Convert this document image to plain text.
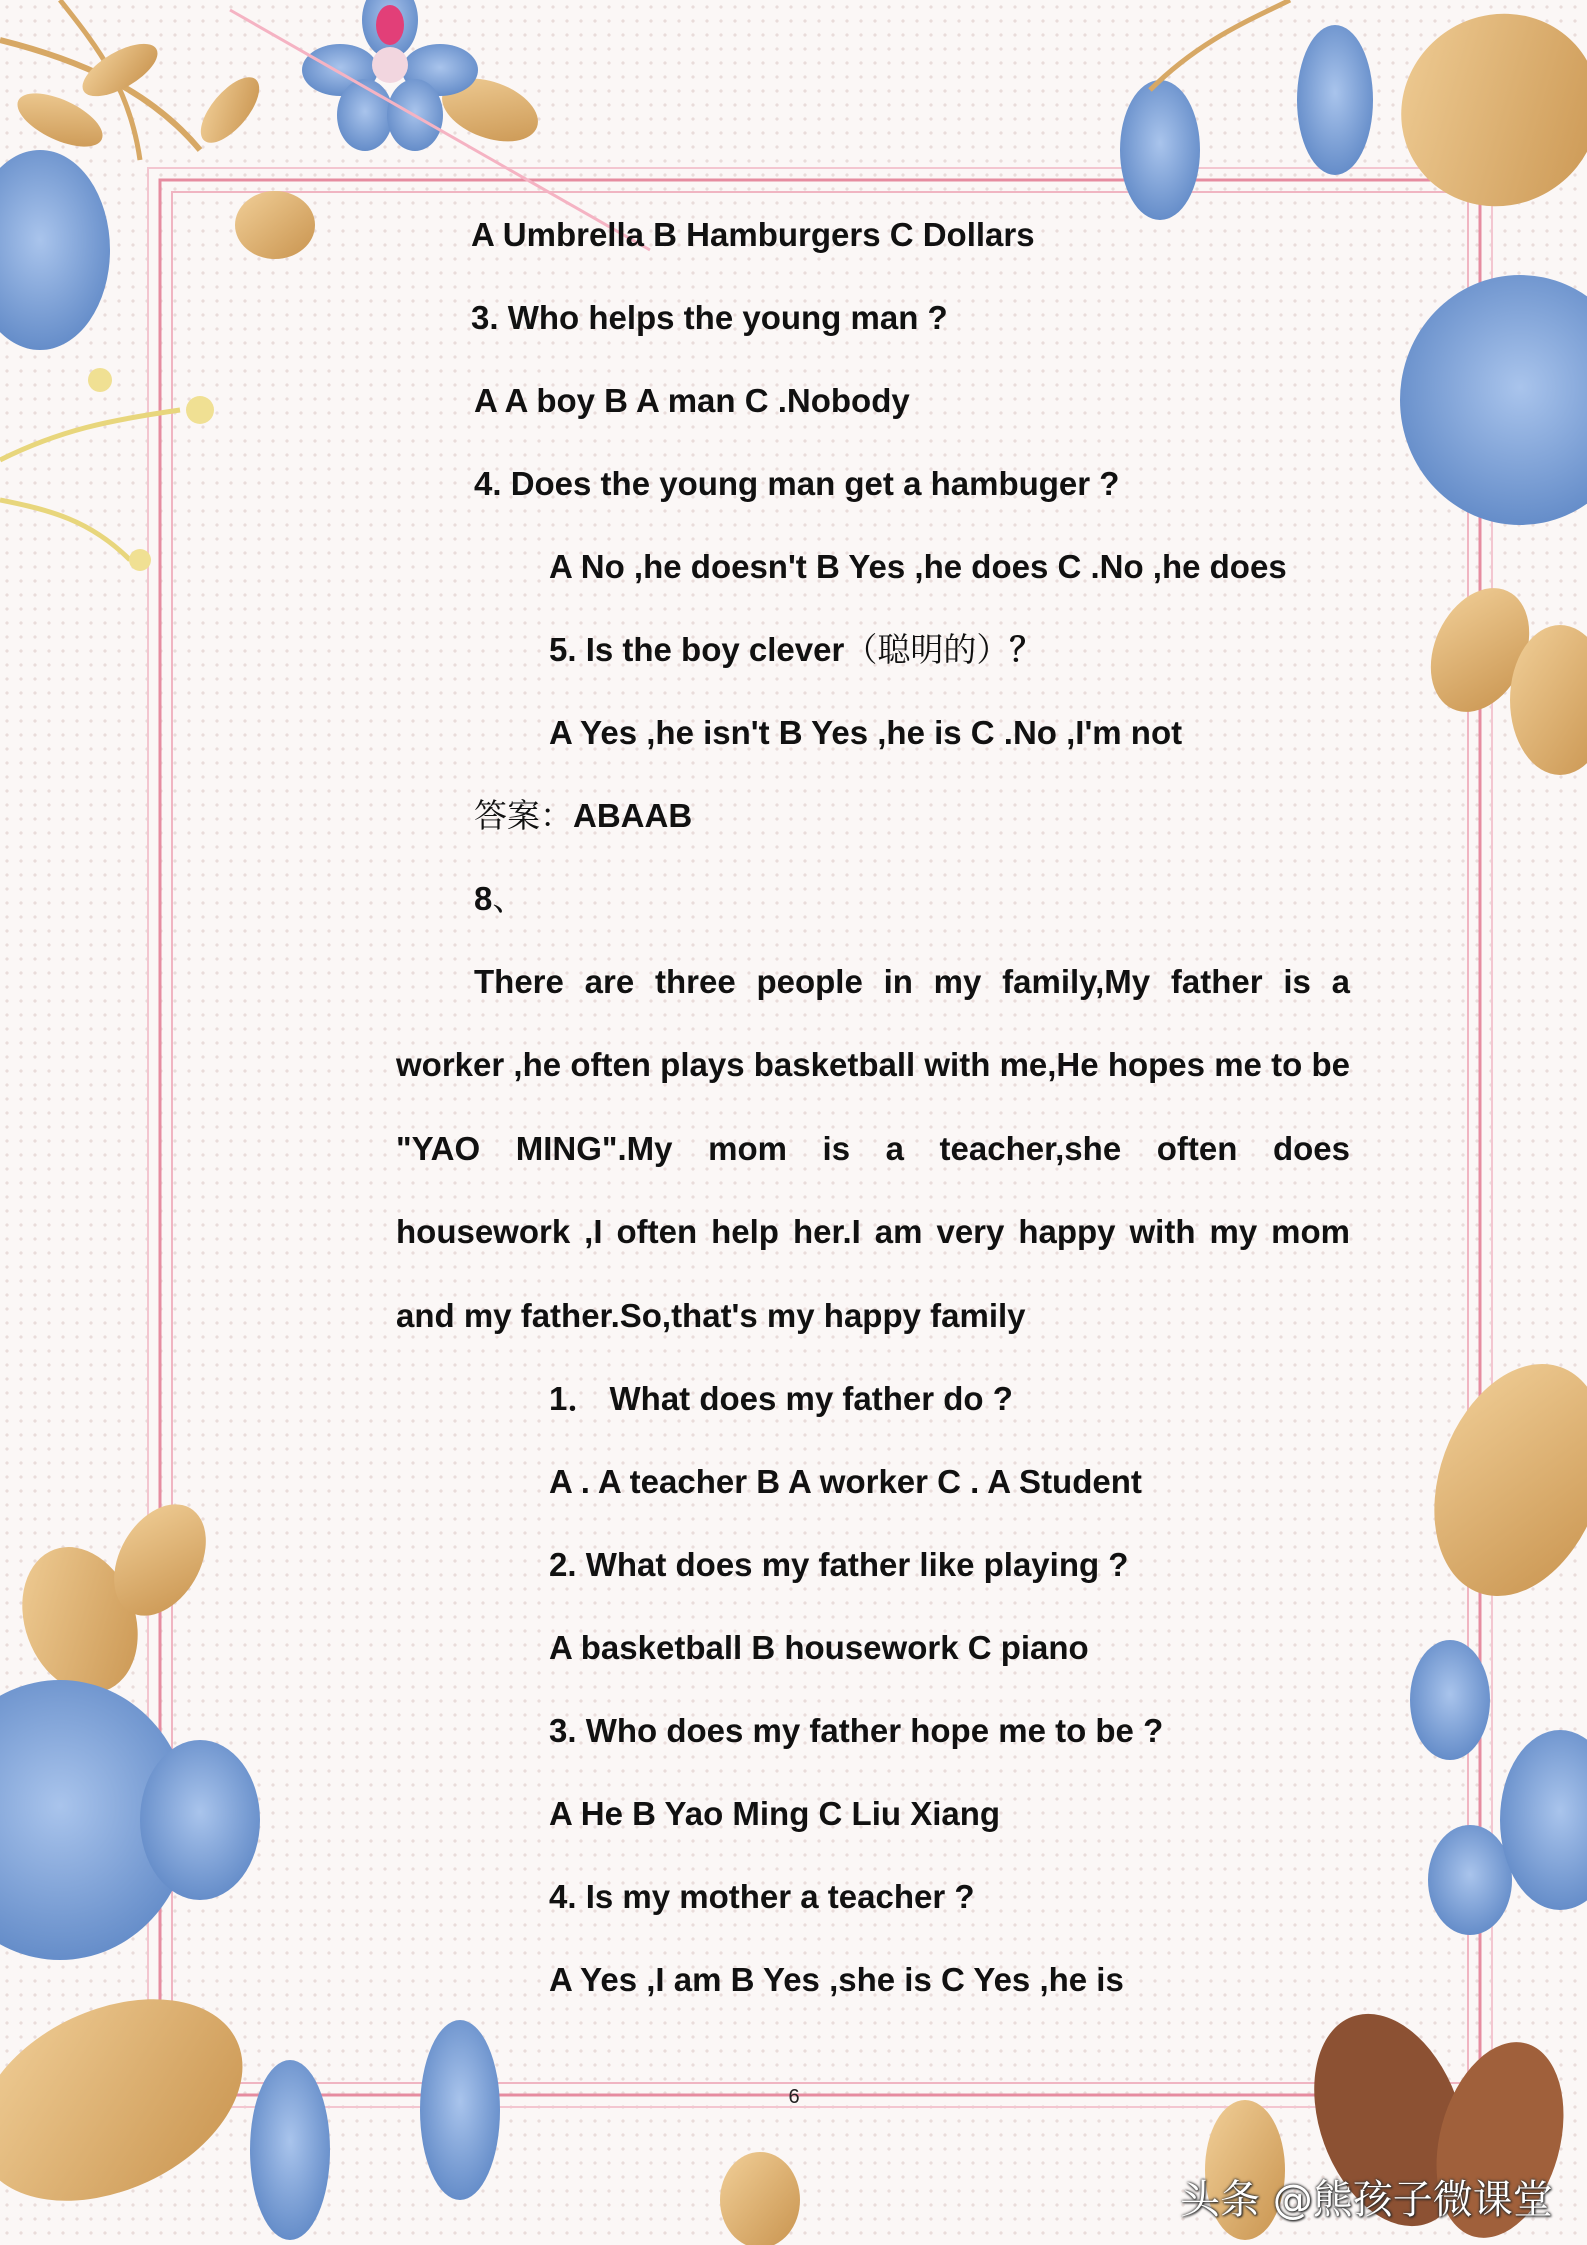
A Umbrella B Hamburgers C Dollars
3. Who helps the young man ?
A A boy B A man C .Nobody
4. Does the young man get a hambuger ?
A No ,he doesn't B Yes ,he does C .No ,he does
5. Is the boy clever（聪明的）？
A Yes ,he isn't B Yes ,he is C .No ,I'm not
答案：ABAAB
8、
There are three people in my family,My father is a
worker ,he often plays basketball with me,He hopes me to be
"YAO MING".My mom is a teacher,she often does
housework ,I often help her.I am very happy with my mom
and my father.So,that's my happy family
1． What does my father do ?
A . A teacher B A worker C . A Student
2. What does my father like playing ?
A basketball B housework C piano
3. Who does my father hope me to be ?
A He B Yao Ming C Liu Xiang
4. Is my mother a teacher ?
A Yes ,I am B Yes ,she is C Yes ,he is
6
头条 @熊孩子微课堂
